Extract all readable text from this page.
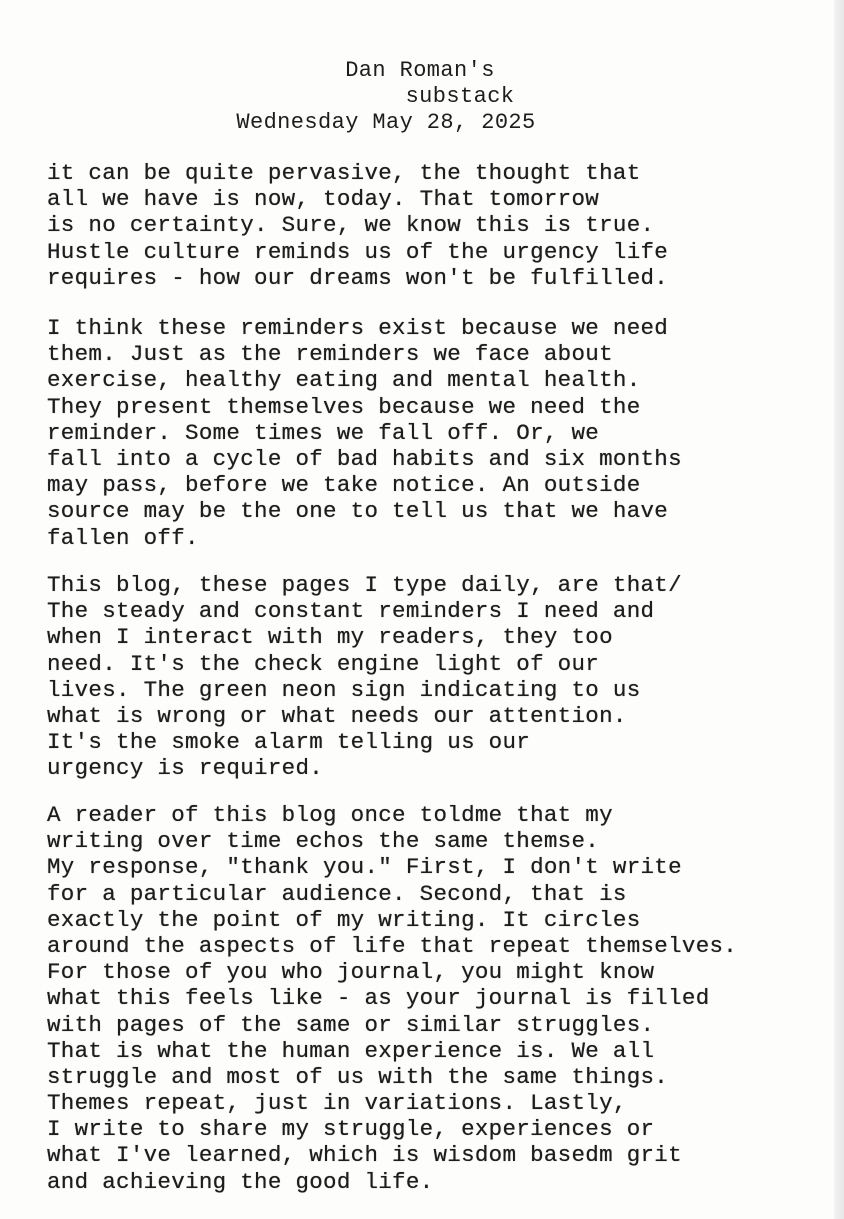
Dan Roman's
substack
Wednesday May 28, 2025
it can be quite pervasive, the thought that
all we have is now, today. That tomorrow
is no certainty. Sure, we know this is true.
Hustle culture reminds us of the urgency life
requires - how our dreams won't be fulfilled.
I think these reminders exist because we need
them. Just as the reminders we face about
exercise, healthy eating and mental health.
They present themselves because we need the
reminder. Some times we fall off. Or, we
fall into a cycle of bad habits and six months
may pass, before we take notice. An outside
source may be the one to tell us that we have
fallen off.
This blog, these pages I type daily, are that/
The steady and constant reminders I need and
when I interact with my readers, they too
need. It's the check engine light of our
lives. The green neon sign indicating to us
what is wrong or what needs our attention.
It's the smoke alarm telling us our
urgency is required.
A reader of this blog once toldme that my
writing over time echos the same themse.
My response, "thank you." First, I don't write
for a particular audience. Second, that is
exactly the point of my writing. It circles
around the aspects of life that repeat themselves.
For those of you who journal, you might know
what this feels like - as your journal is filled
with pages of the same or similar struggles.
That is what the human experience is. We all
struggle and most of us with the same things.
Themes repeat, just in variations. Lastly,
I write to share my struggle, experiences or
what I've learned, which is wisdom basedm grit
and achieving the good life.
